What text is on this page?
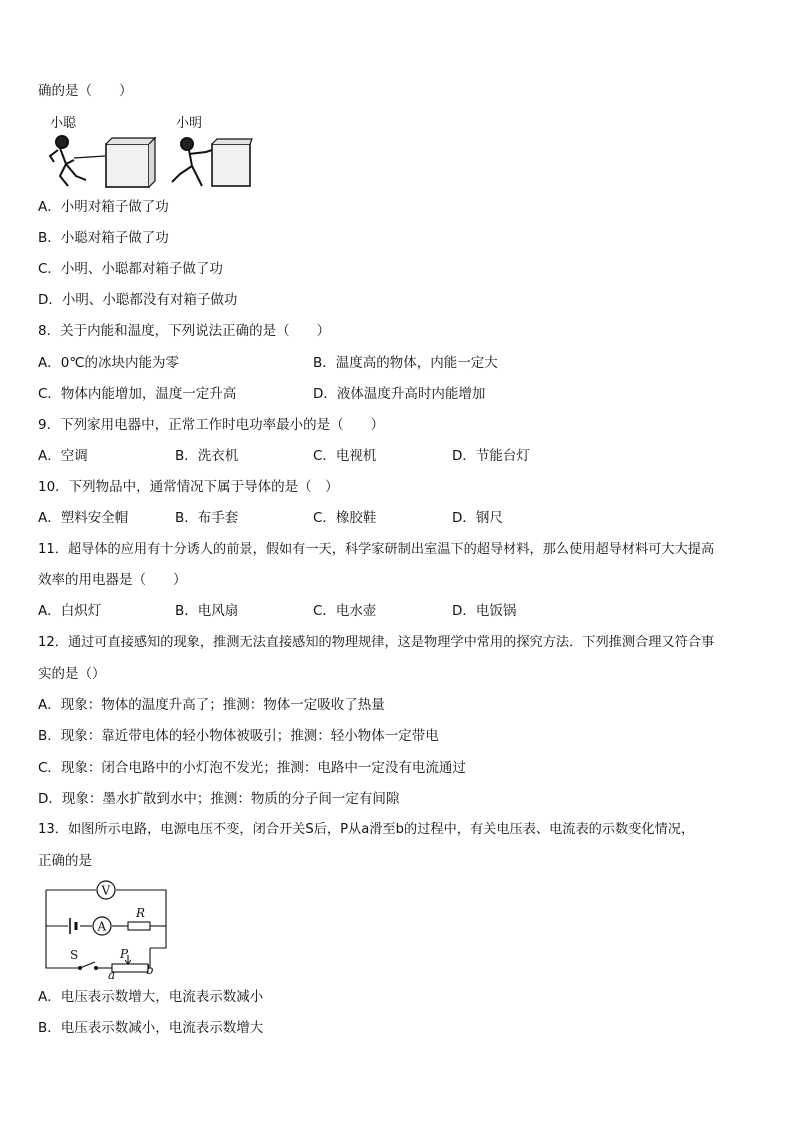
确的是（　　）
小聪	小明
A．小明对箱子做了功
B．小聪对箱子做了功
C．小明、小聪都对箱子做了功
D．小明、小聪都没有对箱子做功
8．关于内能和温度，下列说法正确的是（　　）
A．0℃的冰块内能为零	B．温度高的物体，内能一定大
C．物体内能增加，温度一定升高	D．液体温度升高时内能增加
9．下列家用电器中，正常工作时电功率最小的是（　　）
A．空调	B．洗衣机	C．电视机	D．节能台灯
10．下列物品中，通常情况下属于导体的是（　）
A．塑料安全帽	B．布手套	C．橡胶鞋	D．钢尺
11．超导体的应用有十分诱人的前景，假如有一天，科学家研制出室温下的超导材料，那么使用超导材料可大大提高
效率的用电器是（　　）
A．白炽灯	B．电风扇	C．电水壶	D．电饭锅
12．通过可直接感知的现象，推测无法直接感知的物理规律，这是物理学中常用的探究方法．下列推测合理又符合事
实的是（）
A．现象：物体的温度升高了；推测：物体一定吸收了热量
B．现象：靠近带电体的轻小物体被吸引；推测：轻小物体一定带电
C．现象：闭合电路中的小灯泡不发光；推测：电路中一定没有电流通过
D．现象：墨水扩散到水中；推测：物质的分子间一定有间隙
13．如图所示电路，电源电压不变，闭合开关S后，P从a滑至b的过程中，有关电压表、电流表的示数变化情况，
正确的是
V
A
R
S	P
a	b
A．电压表示数增大，电流表示数减小
B．电压表示数减小，电流表示数增大
